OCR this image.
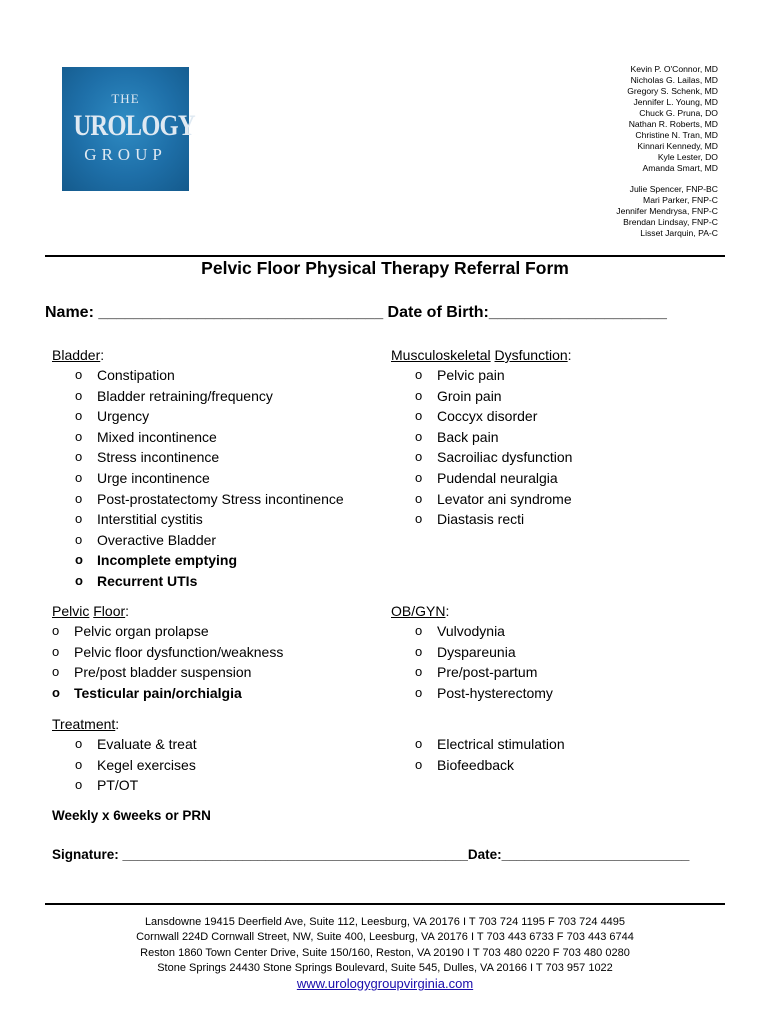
THE
UROLOGY
GROUP
Kevin P. O'Connor, MD
Nicholas G. Lailas, MD
Gregory S. Schenk, MD
Jennifer L. Young, MD
Chuck G. Pruna, DO
Nathan R. Roberts, MD
Christine N. Tran, MD
Kinnari Kennedy, MD
Kyle Lester, DO
Amanda Smart, MD
Julie Spencer, FNP-BC
Mari Parker, FNP-C
Jennifer Mendrysa, FNP-C
Brendan Lindsay, FNP-C
Lisset Jarquin, PA-C
Pelvic Floor Physical Therapy Referral Form
Name: ________________________________ Date of Birth:____________________
Bladder:
o Constipation
o Bladder retraining/frequency
o Urgency
o Mixed incontinence
o Stress incontinence
o Urge incontinence
o Post-prostatectomy Stress incontinence
o Interstitial cystitis
o Overactive Bladder
o Incomplete emptying
o Recurrent UTIs
Musculoskeletal Dysfunction:
o Pelvic pain
o Groin pain
o Coccyx disorder
o Back pain
o Sacroiliac dysfunction
o Pudendal neuralgia
o Levator ani syndrome
o Diastasis recti
Pelvic Floor:
o Pelvic organ prolapse
o Pelvic floor dysfunction/weakness
o Pre/post bladder suspension
o Testicular pain/orchialgia
OB/GYN:
o Vulvodynia
o Dyspareunia
o Pre/post-partum
o Post-hysterectomy
Treatment:
o Evaluate & treat
o Kegel exercises
o PT/OT
o Electrical stimulation
o Biofeedback
Weekly x 6weeks or PRN
Signature: ______________________________________________Date:_________________________
Lansdowne 19415 Deerfield Ave, Suite 112, Leesburg, VA 20176 I T 703 724 1195 F 703 724 4495
Cornwall 224D Cornwall Street, NW, Suite 400, Leesburg, VA 20176 I T 703 443 6733 F 703 443 6744
Reston 1860 Town Center Drive, Suite 150/160, Reston, VA 20190 I T 703 480 0220 F 703 480 0280
Stone Springs 24430 Stone Springs Boulevard, Suite 545, Dulles, VA 20166 I T 703 957 1022
www.urologygroupvirginia.com
